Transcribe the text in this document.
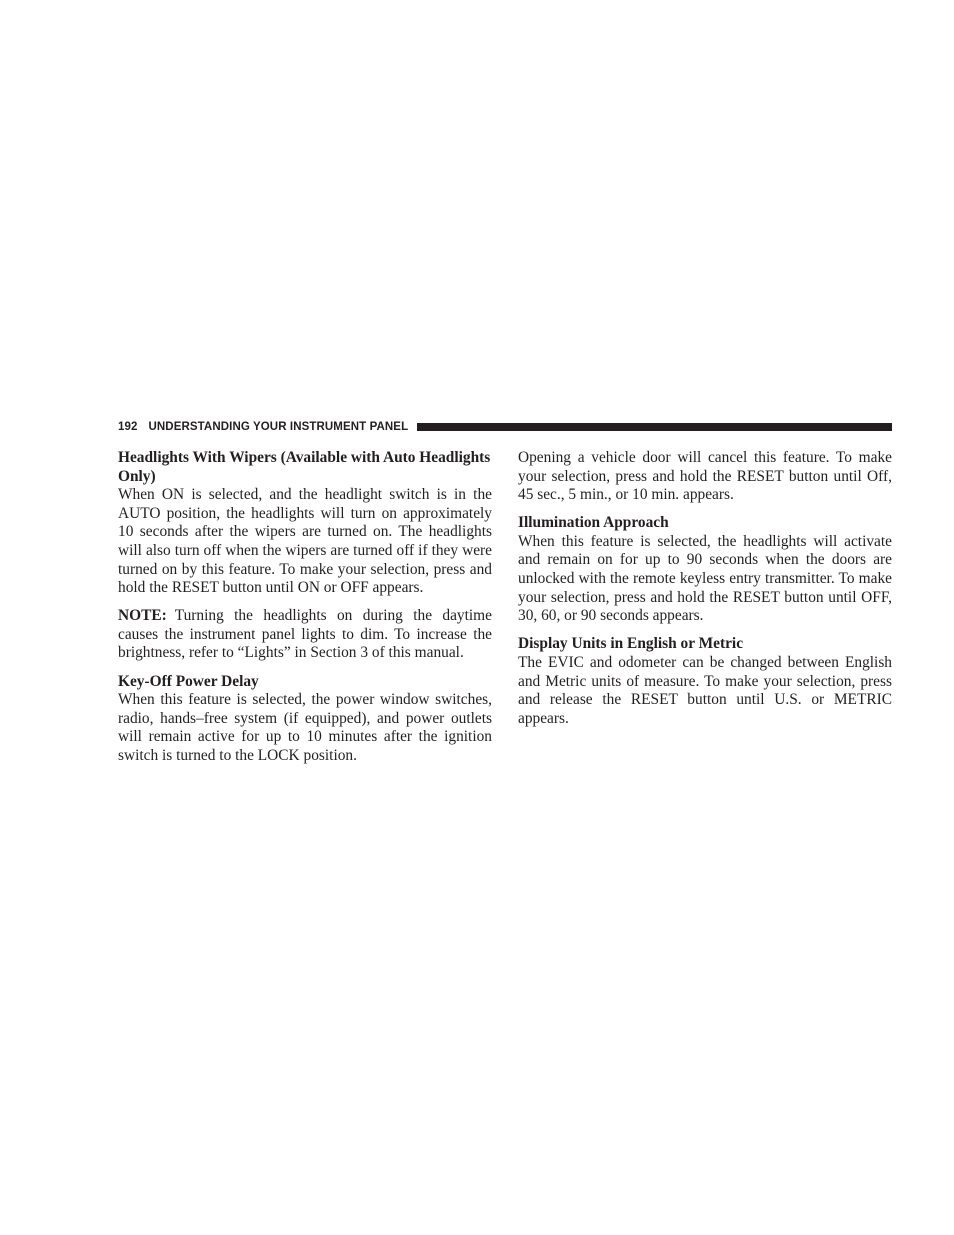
192 UNDERSTANDING YOUR INSTRUMENT PANEL
Headlights With Wipers (Available with Auto Headlights Only)

When ON is selected, and the headlight switch is in the AUTO position, the headlights will turn on approximately 10 seconds after the wipers are turned on. The headlights will also turn off when the wipers are turned off if they were turned on by this feature. To make your selection, press and hold the RESET button until ON or OFF appears.

NOTE: Turning the headlights on during the daytime causes the instrument panel lights to dim. To increase the brightness, refer to “Lights” in Section 3 of this manual.

Key-Off Power Delay

When this feature is selected, the power window switches, radio, hands–free system (if equipped), and power outlets will remain active for up to 10 minutes after the ignition switch is turned to the LOCK position.

Opening a vehicle door will cancel this feature. To make your selection, press and hold the RESET button until Off, 45 sec., 5 min., or 10 min. appears.

Illumination Approach

When this feature is selected, the headlights will activate and remain on for up to 90 seconds when the doors are unlocked with the remote keyless entry transmitter. To make your selection, press and hold the RESET button until OFF, 30, 60, or 90 seconds appears.

Display Units in English or Metric

The EVIC and odometer can be changed between English and Metric units of measure. To make your selection, press and release the RESET button until U.S. or METRIC appears.
